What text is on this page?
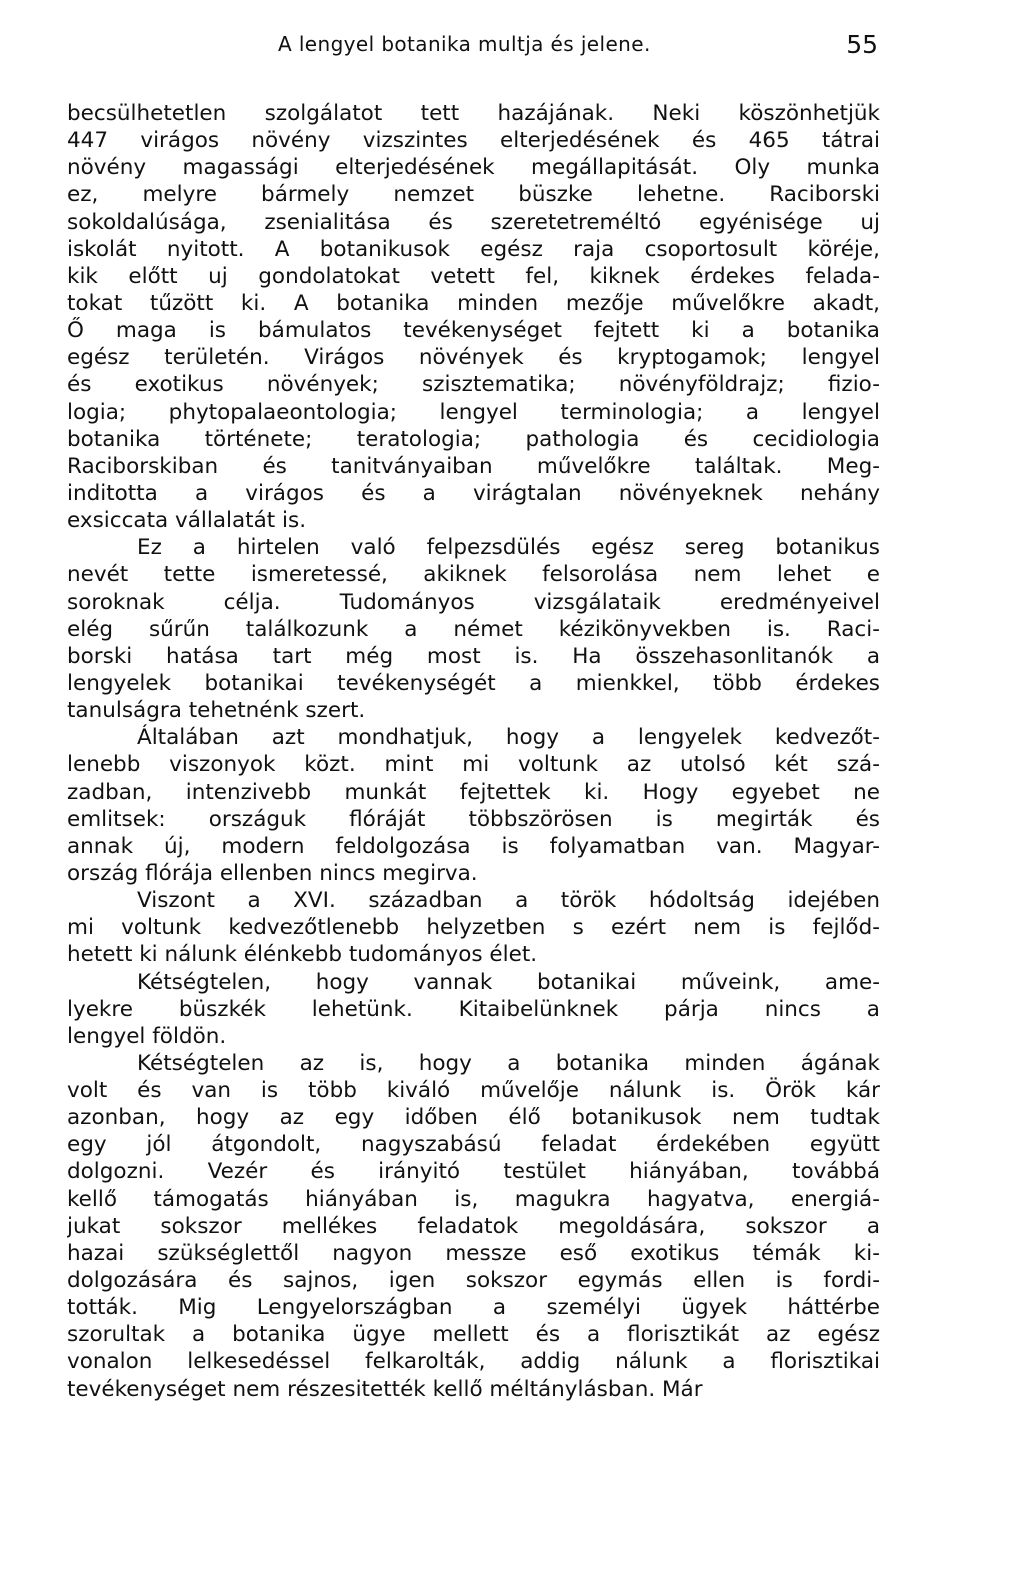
A lengyel botanika multja és jelene.	55
becsülhetetlen szolgálatot tett hazájának. Neki köszönhetjük
447 virágos növény vizszintes elterjedésének és 465 tátrai
növény magassági elterjedésének megállapitását. Oly munka
ez, melyre bármely nemzet büszke lehetne. Raciborski
sokoldalúsága, zsenialitása és szeretetreméltó egyénisége uj
iskolát nyitott. A botanikusok egész raja csoportosult köréje,
kik előtt uj gondolatokat vetett fel, kiknek érdekes felada-
tokat tűzött ki. A botanika minden mezője művelőkre akadt,
Ő maga is bámulatos tevékenységet fejtett ki a botanika
egész területén. Virágos növények és kryptogamok; lengyel
és exotikus növények; szisztematika; növényföldrajz; fizio-
logia; phytopalaeontologia; lengyel terminologia; a lengyel
botanika története; teratologia; pathologia és cecidiologia
Raciborskiban és tanitványaiban művelőkre találtak. Meg-
inditotta a virágos és a virágtalan növényeknek nehány
exsiccata vállalatát is.
Ez a hirtelen való felpezsdülés egész sereg botanikus
nevét tette ismeretessé, akiknek felsorolása nem lehet e
soroknak célja. Tudományos vizsgálataik eredményeivel
elég sűrűn találkozunk a német kézikönyvekben is. Raci-
borski hatása tart még most is. Ha összehasonlitanók a
lengyelek botanikai tevékenységét a mienkkel, több érdekes
tanulságra tehetnénk szert.
Általában azt mondhatjuk, hogy a lengyelek kedvezőt-
lenebb viszonyok közt. mint mi voltunk az utolsó két szá-
zadban, intenzivebb munkát fejtettek ki. Hogy egyebet ne
emlitsek: országuk flóráját többszörösen is megirták és
annak új, modern feldolgozása is folyamatban van. Magyar-
ország flórája ellenben nincs megirva.
Viszont a XVI. században a török hódoltság idejében
mi voltunk kedvezőtlenebb helyzetben s ezért nem is fejlőd-
hetett ki nálunk élénkebb tudományos élet.
Kétségtelen, hogy vannak botanikai műveink, ame-
lyekre büszkék lehetünk. Kitaibelünknek párja nincs a
lengyel földön.
Kétségtelen az is, hogy a botanika minden ágának
volt és van is több kiváló művelője nálunk is. Örök kár
azonban, hogy az egy időben élő botanikusok nem tudtak
egy jól átgondolt, nagyszabású feladat érdekében együtt
dolgozni. Vezér és irányitó testület hiányában, továbbá
kellő támogatás hiányában is, magukra hagyatva, energiá-
jukat sokszor mellékes feladatok megoldására, sokszor a
hazai szükséglettől nagyon messze eső exotikus témák ki-
dolgozására és sajnos, igen sokszor egymás ellen is fordi-
tották. Mig Lengyelországban a személyi ügyek háttérbe
szorultak a botanika ügye mellett és a florisztikát az egész
vonalon lelkesedéssel felkarolták, addig nálunk a florisztikai
tevékenységet nem részesitették kellő méltánylásban. Már
